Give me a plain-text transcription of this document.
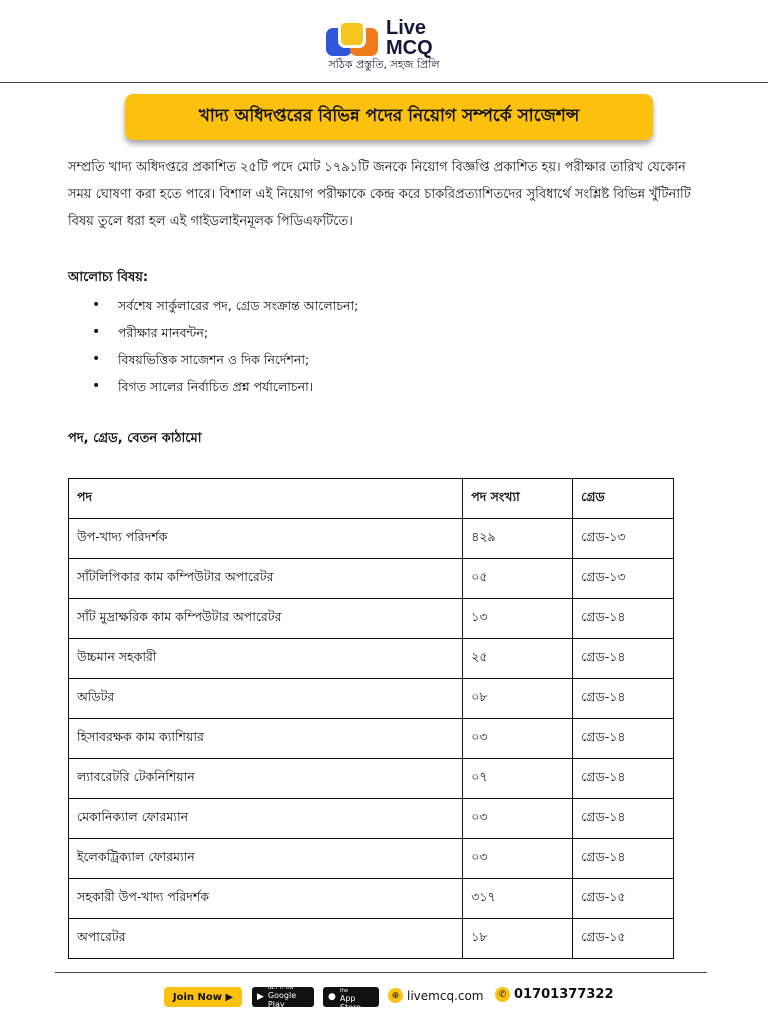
Live
MCQ
সঠিক প্রস্তুতি, সহজ প্রিলি
খাদ্য অধিদপ্তরের বিভিন্ন পদের নিয়োগ সম্পর্কে সাজেশন্স

সম্প্রতি খাদ্য অধিদপ্তরে প্রকাশিত ২৫টি পদে মোট ১৭৯১টি জনকে নিয়োগ বিজ্ঞপ্তি প্রকাশিত হয়। পরীক্ষার তারিখ যেকোন সময় ঘোষণা করা হতে পারে। বিশাল এই নিয়োগ পরীক্ষাকে কেন্দ্র করে চাকরিপ্রত্যাশিতদের সুবিধার্থে সংশ্লিষ্ট বিভিন্ন খুঁটিনাটি বিষয় তুলে ধরা হল এই গাইডলাইনমূলক পিডিএফটিতে।

আলোচ্য বিষয়:
• সর্বশেষ সার্কুলারের পদ, গ্রেড সংক্রান্ত আলোচনা;
• পরীক্ষার মানবন্টন;
• বিষয়ভিত্তিক সাজেশন ও দিক নির্দেশনা;
• বিগত সালের নির্বাচিত প্রশ্ন পর্যালোচনা।
পদ, গ্রেড, বেতন কাঠামো
পদ	পদ সংখ্যা	গ্রেড
উপ-খাদ্য পরিদর্শক	৪২৯	গ্রেড-১৩
সাঁটলিপিকার কাম কম্পিউটার অপারেটর	০৫	গ্রেড-১৩
সাঁট মুদ্রাক্ষরিক কাম কম্পিউটার অপারেটর	১৩	গ্রেড-১৪
উচ্চমান সহকারী	২৫	গ্রেড-১৪
অডিটর	০৮	গ্রেড-১৪
হিসাবরক্ষক কাম ক্যাশিয়ার	০৩	গ্রেড-১৪
ল্যাবরেটরি টেকনিশিয়ান	০৭	গ্রেড-১৪
মেকানিক্যাল ফোরম্যান	০৩	গ্রেড-১৪
ইলেকট্রিক্যাল ফোরম্যান	০৩	গ্রেড-১৪
সহকারী উপ-খাদ্য পরিদর্শক	৩১৭	গ্রেড-১৫
অপারেটর	১৮	গ্রেড-১৫
Join Now ▶	▶
GET IT ON
Google Play
●
Download on the
App Store
⊕ livemcq.com	✆ 01701377322
